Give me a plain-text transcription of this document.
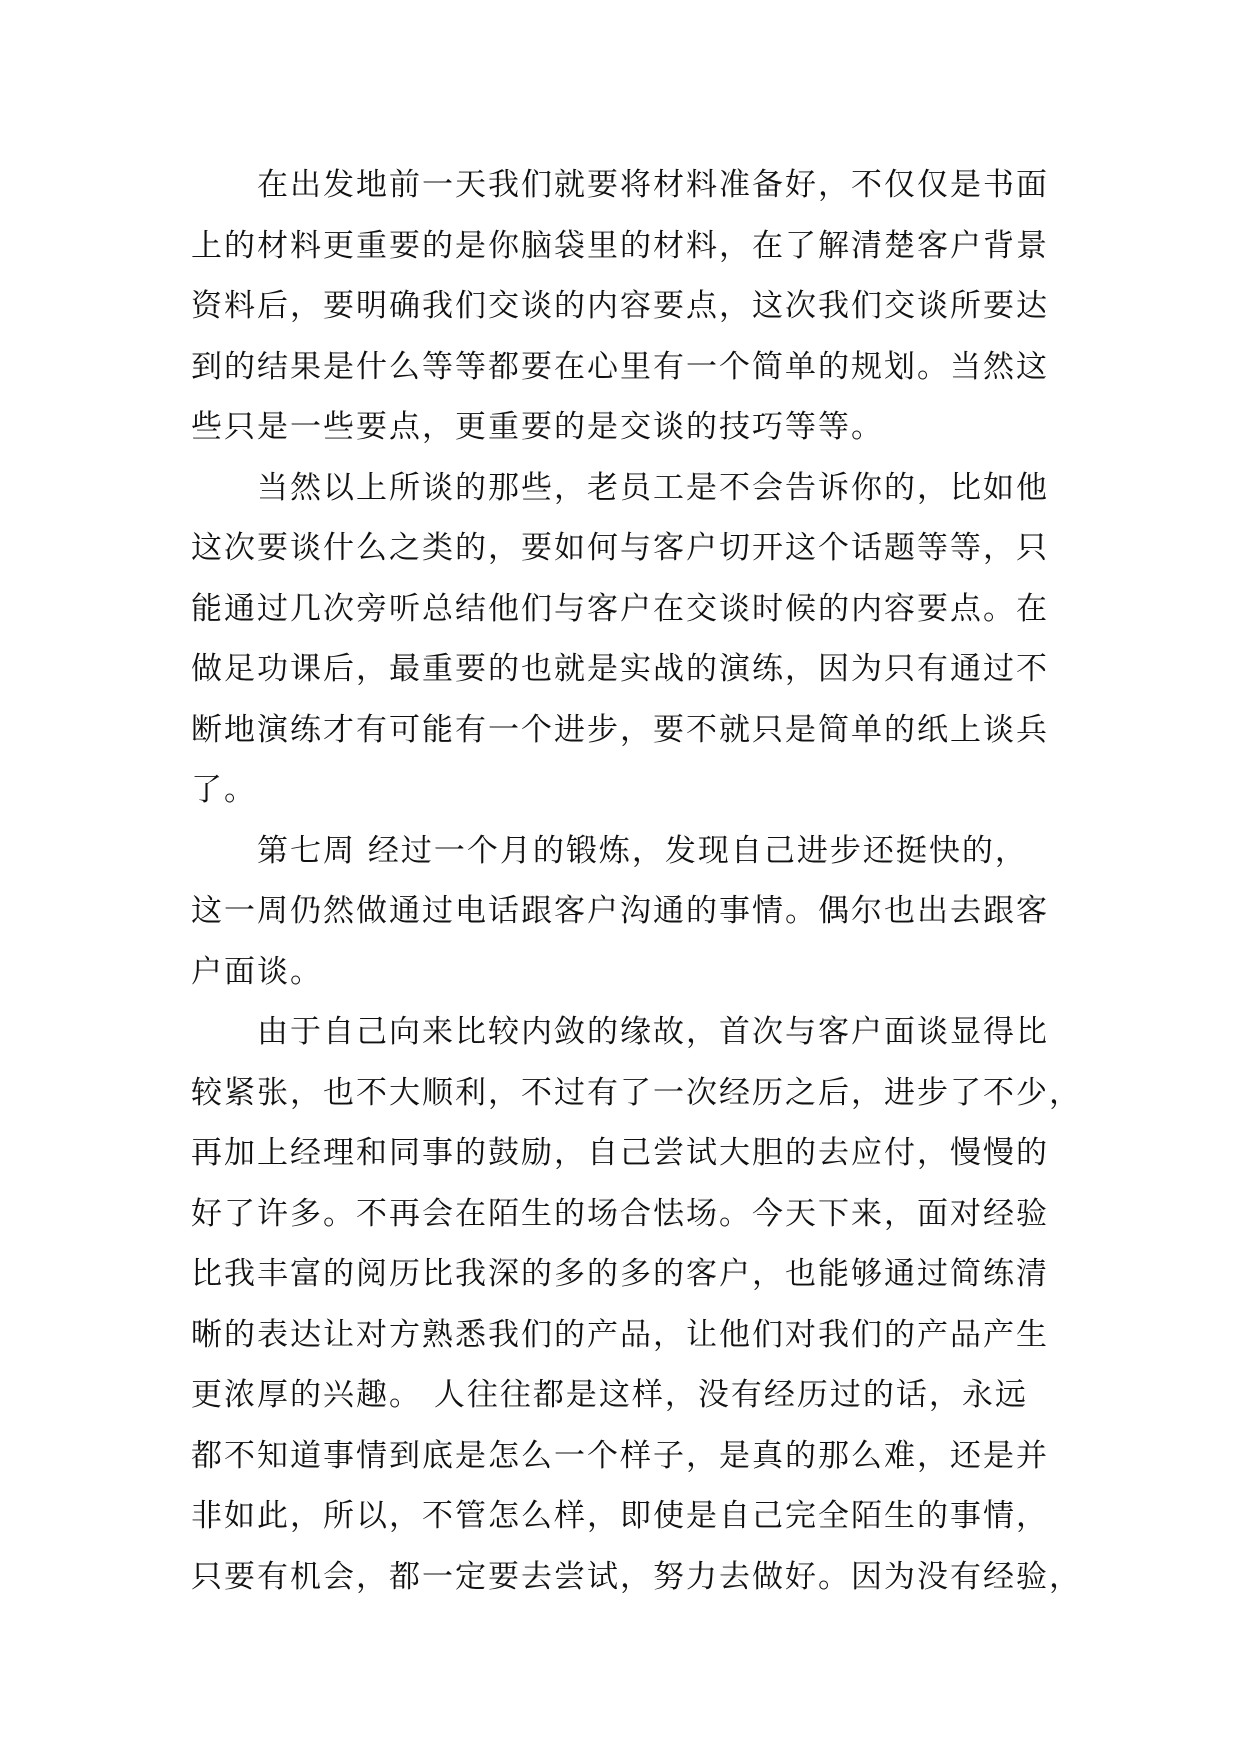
　　在出发地前一天我们就要将材料准备好，不仅仅是书面
上的材料更重要的是你脑袋里的材料，在了解清楚客户背景
资料后，要明确我们交谈的内容要点，这次我们交谈所要达
到的结果是什么等等都要在心里有一个简单的规划。当然这
些只是一些要点，更重要的是交谈的技巧等等。
　　当然以上所谈的那些，老员工是不会告诉你的，比如他
这次要谈什么之类的，要如何与客户切开这个话题等等，只
能通过几次旁听总结他们与客户在交谈时候的内容要点。在
做足功课后，最重要的也就是实战的演练，因为只有通过不
断地演练才有可能有一个进步，要不就只是简单的纸上谈兵
了。
　　第七周 经过一个月的锻炼，发现自己进步还挺快的，
这一周仍然做通过电话跟客户沟通的事情。偶尔也出去跟客
户面谈。
　　由于自己向来比较内敛的缘故，首次与客户面谈显得比
较紧张，也不大顺利，不过有了一次经历之后，进步了不少，
再加上经理和同事的鼓励，自己尝试大胆的去应付，慢慢的
好了许多。不再会在陌生的场合怯场。今天下来，面对经验
比我丰富的阅历比我深的多的多的客户，也能够通过简练清
晰的表达让对方熟悉我们的产品，让他们对我们的产品产生
更浓厚的兴趣。 人往往都是这样，没有经历过的话，永远
都不知道事情到底是怎么一个样子，是真的那么难，还是并
非如此，所以，不管怎么样，即使是自己完全陌生的事情，
只要有机会，都一定要去尝试，努力去做好。因为没有经验，
